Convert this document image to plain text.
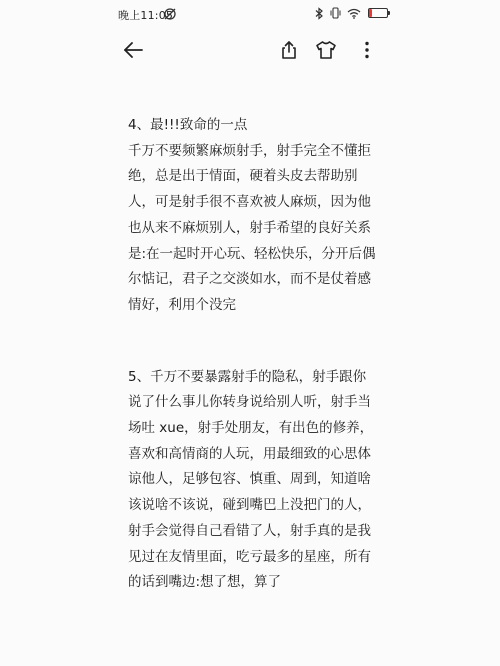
晚上11:05	17

4、最!!!致命的一点
千万不要频繁麻烦射手，射手完全不懂拒
绝，总是出于情面，硬着头皮去帮助别
人，可是射手很不喜欢被人麻烦，因为他
也从来不麻烦别人，射手希望的良好关系
是:在一起时开心玩、轻松快乐，分开后偶
尔惦记，君子之交淡如水，而不是仗着感
情好，利用个没完

5、千万不要暴露射手的隐私，射手跟你
说了什么事儿你转身说给别人听，射手当
场吐 xue，射手处朋友，有出色的修养，
喜欢和高情商的人玩，用最细致的心思体
谅他人，足够包容、慎重、周到，知道啥
该说啥不该说，碰到嘴巴上没把门的人，
射手会觉得自己看错了人，射手真的是我
见过在友情里面，吃亏最多的星座，所有
的话到嘴边:想了想，算了
